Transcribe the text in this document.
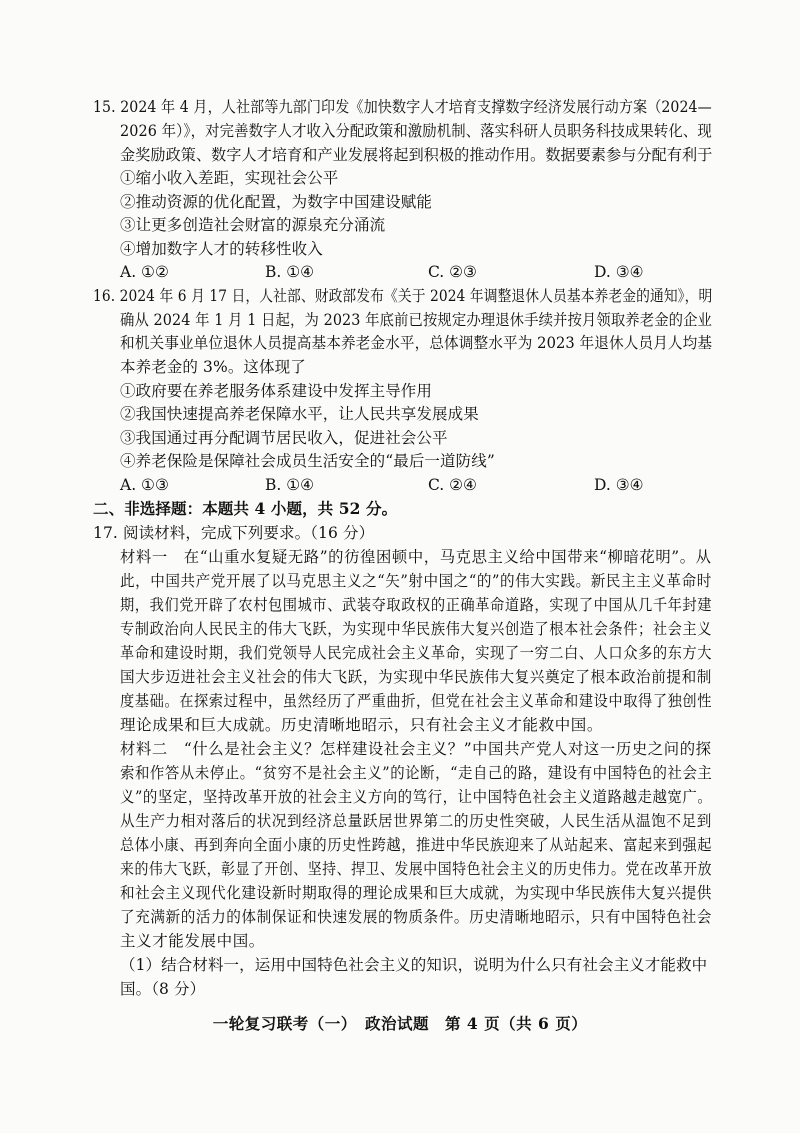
15. 2024 年 4 月，人社部等九部门印发《加快数字人才培育支撑数字经济发展行动方案（2024—
2026 年）》，对完善数字人才收入分配政策和激励机制、落实科研人员职务科技成果转化、现
金奖励政策、数字人才培育和产业发展将起到积极的推动作用。数据要素参与分配有利于
①缩小收入差距，实现社会公平
②推动资源的优化配置，为数字中国建设赋能
③让更多创造社会财富的源泉充分涌流
④增加数字人才的转移性收入
A. ①②	B. ①④	C. ②③	D. ③④
16. 2024 年 6 月 17 日，人社部、财政部发布《关于 2024 年调整退休人员基本养老金的通知》，明
确从 2024 年 1 月 1 日起，为 2023 年底前已按规定办理退休手续并按月领取养老金的企业
和机关事业单位退休人员提高基本养老金水平，总体调整水平为 2023 年退休人员月人均基
本养老金的 3%。这体现了
①政府要在养老服务体系建设中发挥主导作用
②我国快速提高养老保障水平，让人民共享发展成果
③我国通过再分配调节居民收入，促进社会公平
④养老保险是保障社会成员生活安全的“最后一道防线”
A. ①③	B. ①④	C. ②④	D. ③④
二、非选择题：本题共 4 小题，共 52 分。
17. 阅读材料，完成下列要求。（16 分）
材料一　在“山重水复疑无路”的彷徨困顿中，马克思主义给中国带来“柳暗花明”。从
此，中国共产党开展了以马克思主义之“矢”射中国之“的”的伟大实践。新民主主义革命时
期，我们党开辟了农村包围城市、武装夺取政权的正确革命道路，实现了中国从几千年封建
专制政治向人民民主的伟大飞跃，为实现中华民族伟大复兴创造了根本社会条件；社会主义
革命和建设时期，我们党领导人民完成社会主义革命，实现了一穷二白、人口众多的东方大
国大步迈进社会主义社会的伟大飞跃，为实现中华民族伟大复兴奠定了根本政治前提和制
度基础。在探索过程中，虽然经历了严重曲折，但党在社会主义革命和建设中取得了独创性
理论成果和巨大成就。历史清晰地昭示，只有社会主义才能救中国。
材料二　“什么是社会主义？怎样建设社会主义？”中国共产党人对这一历史之问的探
索和作答从未停止。“贫穷不是社会主义”的论断，“走自己的路，建设有中国特色的社会主
义”的坚定，坚持改革开放的社会主义方向的笃行，让中国特色社会主义道路越走越宽广。
从生产力相对落后的状况到经济总量跃居世界第二的历史性突破，人民生活从温饱不足到
总体小康、再到奔向全面小康的历史性跨越，推进中华民族迎来了从站起来、富起来到强起
来的伟大飞跃，彰显了开创、坚持、捍卫、发展中国特色社会主义的历史伟力。党在改革开放
和社会主义现代化建设新时期取得的理论成果和巨大成就，为实现中华民族伟大复兴提供
了充满新的活力的体制保证和快速发展的物质条件。历史清晰地昭示，只有中国特色社会
主义才能发展中国。
（1）结合材料一，运用中国特色社会主义的知识，说明为什么只有社会主义才能救中
国。（8 分）
一轮复习联考（一）　政治试题　第 4 页（共 6 页）
